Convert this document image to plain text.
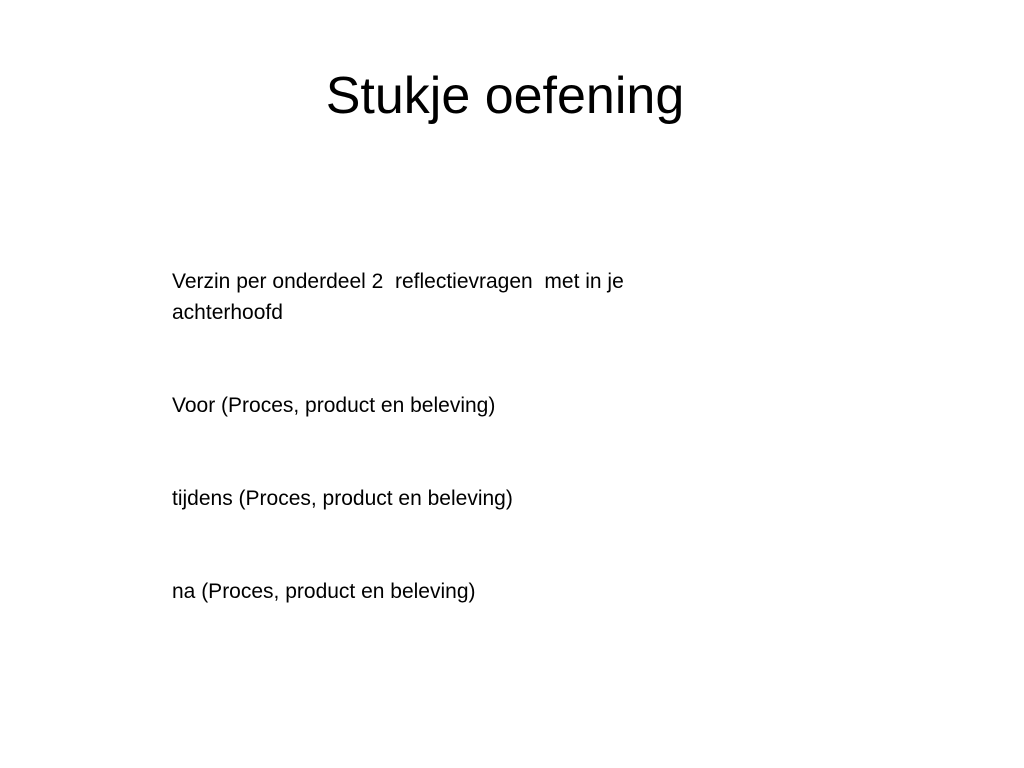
Stukje oefening

Verzin per onderdeel 2  reflectievragen  met in je achterhoofd

Voor (Proces, product en beleving)

tijdens (Proces, product en beleving)

na (Proces, product en beleving)
